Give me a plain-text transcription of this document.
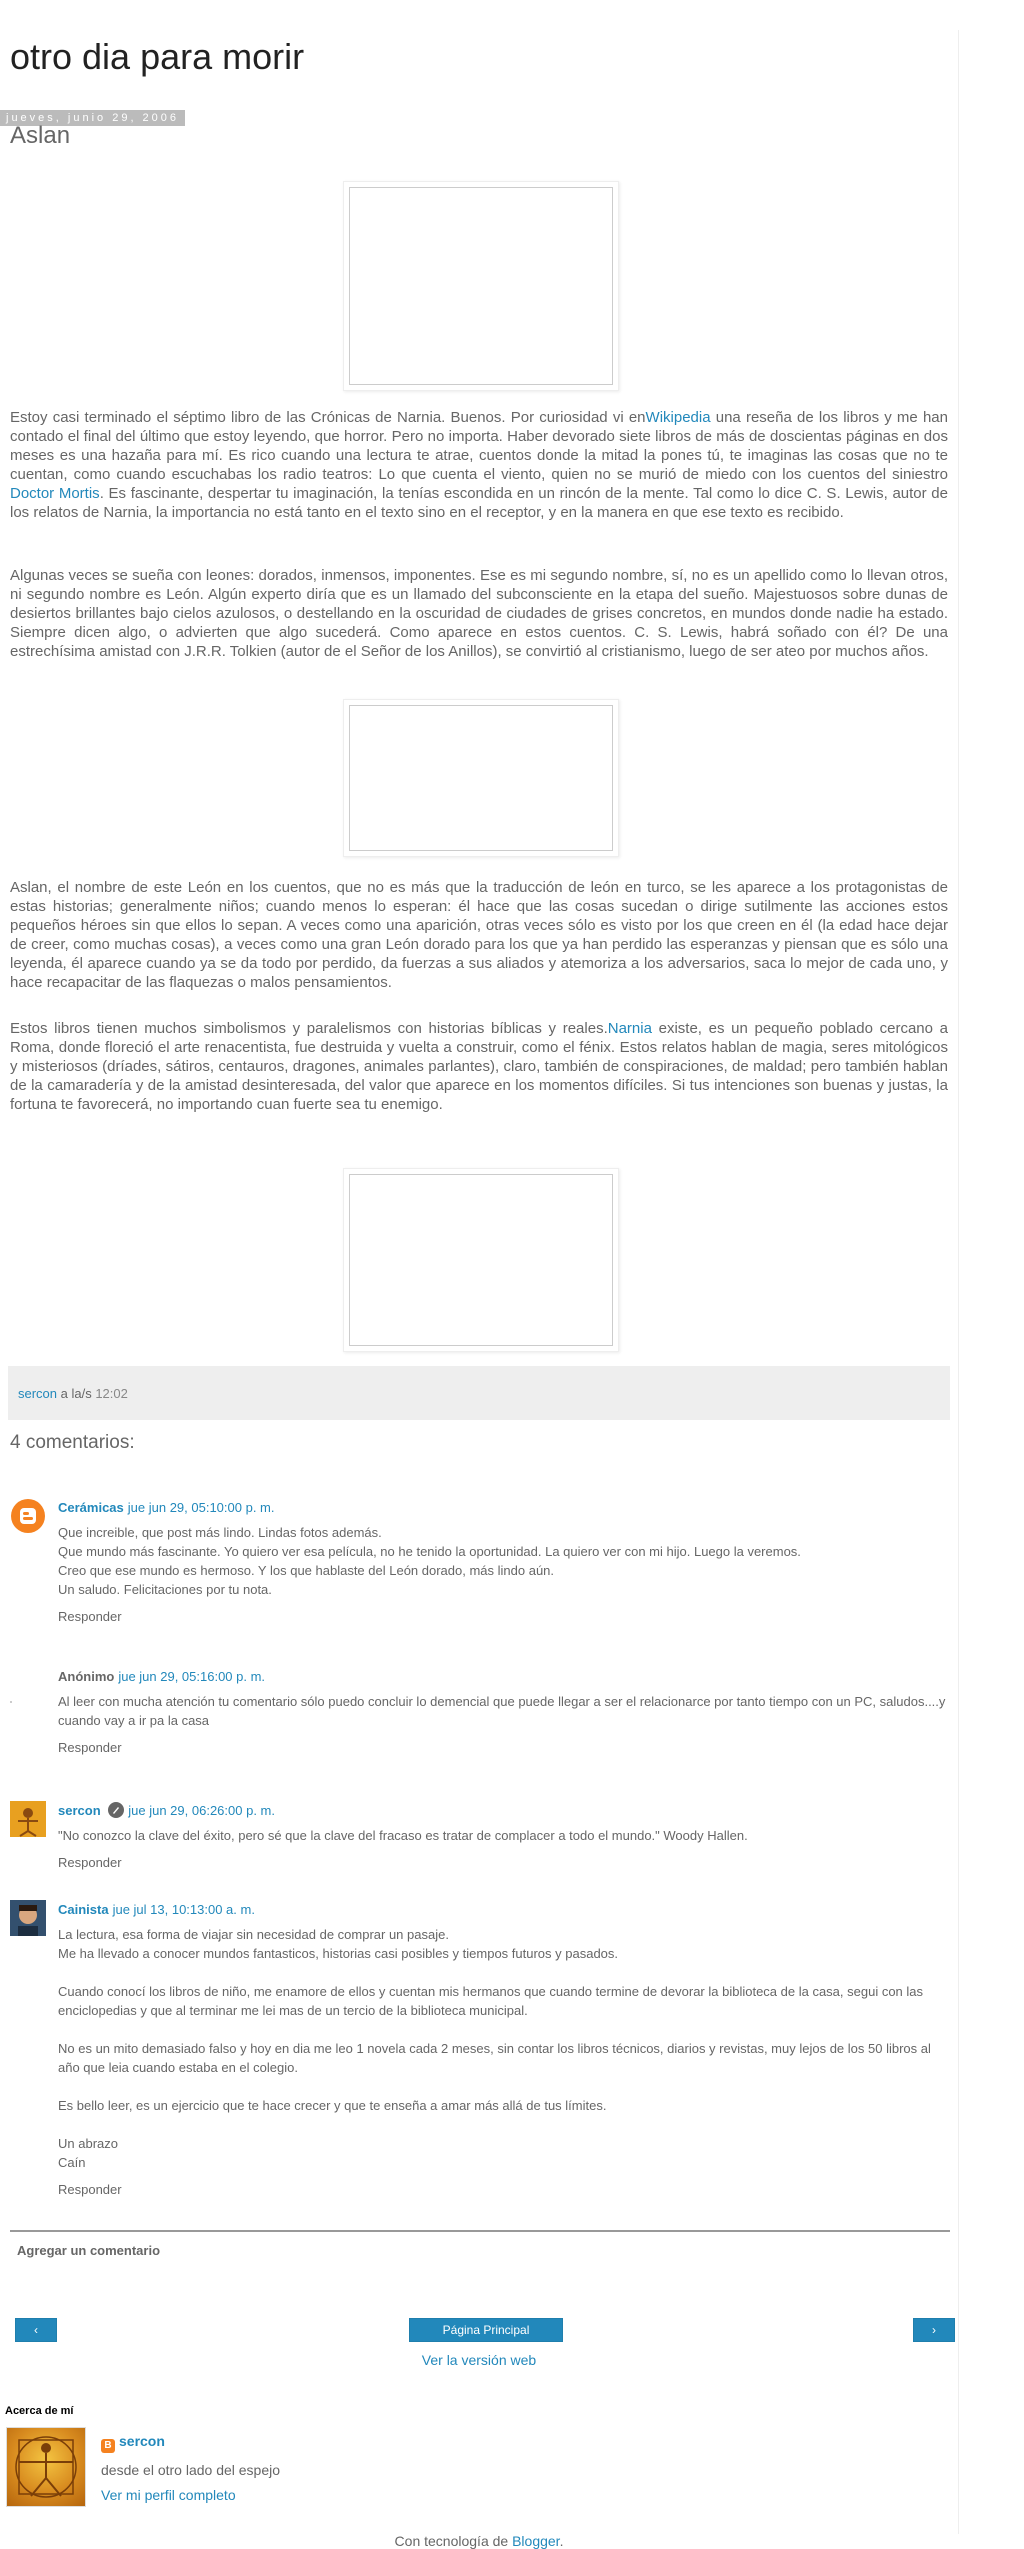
otro dia para morir
jueves, junio 29, 2006
Aslan

Estoy casi terminado el séptimo libro de las Crónicas de Narnia. Buenos. Por curiosidad vi enWikipedia una reseña de los libros y me han contado el final del último que estoy leyendo, que horror. Pero no importa. Haber devorado siete libros de más de doscientas páginas en dos meses es una hazaña para mí. Es rico cuando una lectura te atrae, cuentos donde la mitad la pones tú, te imaginas las cosas que no te cuentan, como cuando escuchabas los radio teatros: Lo que cuenta el viento, quien no se murió de miedo con los cuentos del siniestro Doctor Mortis. Es fascinante, despertar tu imaginación, la tenías escondida en un rincón de la mente. Tal como lo dice C. S. Lewis, autor de los relatos de Narnia, la importancia no está tanto en el texto sino en el receptor, y en la manera en que ese texto es recibido.

Algunas veces se sueña con leones: dorados, inmensos, imponentes. Ese es mi segundo nombre, sí, no es un apellido como lo llevan otros, ni segundo nombre es León. Algún experto diría que es un llamado del subconsciente en la etapa del sueño. Majestuosos sobre dunas de desiertos brillantes bajo cielos azulosos, o destellando en la oscuridad de ciudades de grises concretos, en mundos donde nadie ha estado. Siempre dicen algo, o advierten que algo sucederá. Como aparece en estos cuentos. C. S. Lewis, habrá soñado con él? De una estrechísima amistad con J.R.R. Tolkien (autor de el Señor de los Anillos), se convirtió al cristianismo, luego de ser ateo por muchos años.

Aslan, el nombre de este León en los cuentos, que no es más que la traducción de león en turco, se les aparece a los protagonistas de estas historias; generalmente niños; cuando menos lo esperan: él hace que las cosas sucedan o dirige sutilmente las acciones estos pequeños héroes sin que ellos lo sepan. A veces como una aparición, otras veces sólo es visto por los que creen en él (la edad hace dejar de creer, como muchas cosas), a veces como una gran León dorado para los que ya han perdido las esperanzas y piensan que es sólo una leyenda, él aparece cuando ya se da todo por perdido, da fuerzas a sus aliados y atemoriza a los adversarios, saca lo mejor de cada uno, y hace recapacitar de las flaquezas o malos pensamientos.

Estos libros tienen muchos simbolismos y paralelismos con historias bíblicas y reales.Narnia existe, es un pequeño poblado cercano a Roma, donde floreció el arte renacentista, fue destruida y vuelta a construir, como el fénix. Estos relatos hablan de magia, seres mitológicos y misteriosos (dríades, sátiros, centauros, dragones, animales parlantes), claro, también de conspiraciones, de maldad; pero también hablan de la camaradería y de la amistad desinteresada, del valor que aparece en los momentos difíciles. Si tus intenciones son buenas y justas, la fortuna te favorecerá, no importando cuan fuerte sea tu enemigo.

sercon a la/s 12:02
4 comentarios:
Cerámicas jue jun 29, 05:10:00 p. m.
Que increible, que post más lindo. Lindas fotos además.
Que mundo más fascinante. Yo quiero ver esa película, no he tenido la oportunidad. La quiero ver con mi hijo. Luego la veremos.
Creo que ese mundo es hermoso. Y los que hablaste del León dorado, más lindo aún.
Un saludo. Felicitaciones por tu nota.
Responder
Anónimo jue jun 29, 05:16:00 p. m.
Al leer con mucha atención tu comentario sólo puedo concluir lo demencial que puede llegar a ser el relacionarce por tanto tiempo con un PC, saludos....y cuando vay a ir pa la casa
Responder
sercon jue jun 29, 06:26:00 p. m.
"No conozco la clave del éxito, pero sé que la clave del fracaso es tratar de complacer a todo el mundo." Woody Hallen.
Responder
Cainista jue jul 13, 10:13:00 a. m.
La lectura, esa forma de viajar sin necesidad de comprar un pasaje.
Me ha llevado a conocer mundos fantasticos, historias casi posibles y tiempos futuros y pasados.

Cuando conocí los libros de niño, me enamore de ellos y cuentan mis hermanos que cuando termine de devorar la biblioteca de la casa, segui con las enciclopedias y que al terminar me lei mas de un tercio de la biblioteca municipal.

No es un mito demasiado falso y hoy en dia me leo 1 novela cada 2 meses, sin contar los libros técnicos, diarios y revistas, muy lejos de los 50 libros al año que leia cuando estaba en el colegio.

Es bello leer, es un ejercicio que te hace crecer y que te enseña a amar más allá de tus límites.

Un abrazo
Caín
Responder
Agregar un comentario
‹	Página Principal	›
Ver la versión web
Acerca de mí
B sercon
desde el otro lado del espejo
Ver mi perfil completo
Con tecnología de Blogger.
